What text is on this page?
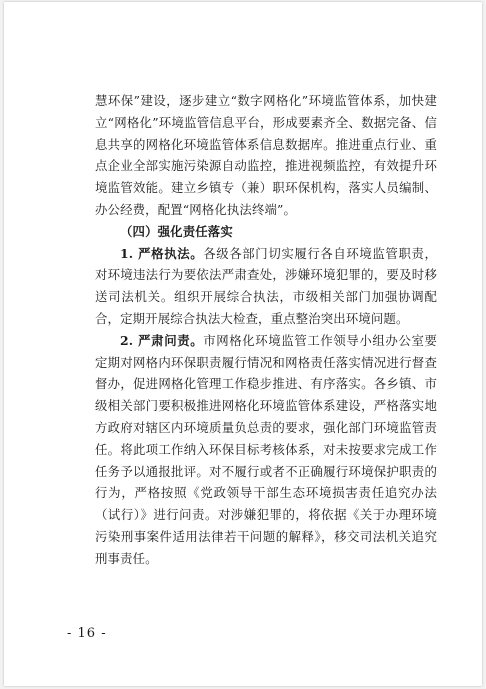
慧环保”建设，逐步建立“数字网格化”环境监管体系，加快建立“网格化”环境监管信息平台，形成要素齐全、数据完备、信息共享的网格化环境监管体系信息数据库。推进重点行业、重点企业全部实施污染源自动监控，推进视频监控，有效提升环境监管效能。建立乡镇专（兼）职环保机构，落实人员编制、办公经费，配置“网格化执法终端”。

（四）强化责任落实

1. 严格执法。各级各部门切实履行各自环境监管职责，对环境违法行为要依法严肃查处，涉嫌环境犯罪的，要及时移送司法机关。组织开展综合执法，市级相关部门加强协调配合，定期开展综合执法大检查，重点整治突出环境问题。

2. 严肃问责。市网格化环境监管工作领导小组办公室要定期对网格内环保职责履行情况和网格责任落实情况进行督查督办，促进网格化管理工作稳步推进、有序落实。各乡镇、市级相关部门要积极推进网格化环境监管体系建设，严格落实地方政府对辖区内环境质量负总责的要求，强化部门环境监管责任。将此项工作纳入环保目标考核体系，对未按要求完成工作任务予以通报批评。对不履行或者不正确履行环境保护职责的行为，严格按照《党政领导干部生态环境损害责任追究办法（试行）》进行问责。对涉嫌犯罪的，将依据《关于办理环境污染刑事案件适用法律若干问题的解释》，移交司法机关追究刑事责任。

- 16 -
